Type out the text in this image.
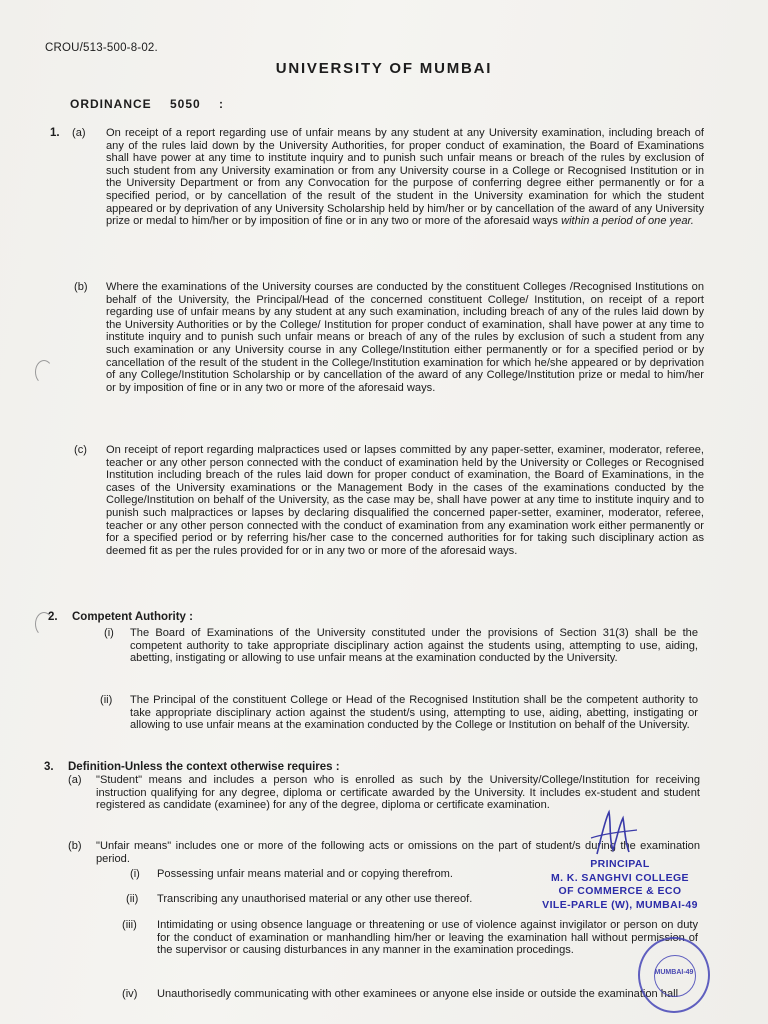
CROU/513-500-8-02.
UNIVERSITY OF MUMBAI
ORDINANCE 5050 :
1. (a) On receipt of a report regarding use of unfair means by any student at any University examination, including breach of any of the rules laid down by the University Authorities, for proper conduct of examination, the Board of Examinations shall have power at any time to institute inquiry and to punish such unfair means or breach of the rules by exclusion of such student from any University examination or from any University course in a College or Recognised Institution or in the University Department or from any Convocation for the purpose of conferring degree either permanently or for a specified period, or by cancellation of the result of the student in the University examination for which the student appeared or by deprivation of any University Scholarship held by him/her or by cancellation of the award of any University prize or medal to him/her or by imposition of fine or in any two or more of the aforesaid ways within a period of one year.
(b) Where the examinations of the University courses are conducted by the constituent Colleges /Recognised Institutions on behalf of the University, the Principal/Head of the concerned constituent College/ Institution, on receipt of a report regarding use of unfair means by any student at any such examination, including breach of any of the rules laid down by the University Authorities or by the College/ Institution for proper conduct of examination, shall have power at any time to institute inquiry and to punish such unfair means or breach of any of the rules by exclusion of such a student from any such examination or any University course in any College/Institution either permanently or for a specified period or by cancellation of the result of the student in the College/Institution examination for which he/she appeared or by deprivation of any College/Institution Scholarship or by cancellation of the award of any College/Institution prize or medal to him/her or by imposition of fine or in any two or more of the aforesaid ways.
(c) On receipt of report regarding malpractices used or lapses committed by any paper-setter, examiner, moderator, referee, teacher or any other person connected with the conduct of examination held by the University or Colleges or Recognised Institution including breach of the rules laid down for proper conduct of examination, the Board of Examinations, in the cases of the University examinations or the Management Body in the cases of the examinations conducted by the College/Institution on behalf of the University, as the case may be, shall have power at any time to institute inquiry and to punish such malpractices or lapses by declaring disqualified the concerned paper-setter, examiner, moderator, referee, teacher or any other person connected with the conduct of examination from any examination work either permanently or for a specified period or by referring his/her case to the concerned authorities for for taking such disciplinary action as deemed fit as per the rules provided for or in any two or more of the aforesaid ways.
2. Competent Authority :
(i) The Board of Examinations of the University constituted under the provisions of Section 31(3) shall be the competent authority to take appropriate disciplinary action against the students using, attempting to use, aiding, abetting, instigating or allowing to use unfair means at the examination conducted by the University.
(ii) The Principal of the constituent College or Head of the Recognised Institution shall be the competent authority to take appropriate disciplinary action against the student/s using, attempting to use, aiding, abetting, instigating or allowing to use unfair means at the examination conducted by the College or Institution on behalf of the University.
3. Definition-Unless the context otherwise requires :
(a) "Student" means and includes a person who is enrolled as such by the University/College/Institution for receiving instruction qualifying for any degree, diploma or certificate awarded by the University. It includes ex-student and student registered as candidate (examinee) for any of the degree, diploma or certificate examination.
(b) "Unfair means" includes one or more of the following acts or omissions on the part of student/s during the examination period.
(i) Possessing unfair means material and or copying therefrom.
(ii) Transcribing any unauthorised material or any other use thereof.
(iii) Intimidating or using obsence language or threatening or use of violence against invigilator or person on duty for the conduct of examination or manhandling him/her or leaving the examination hall without permission of the supervisor or causing disturbances in any manner in the examination procedings.
(iv) Unauthorisedly communicating with other examinees or anyone else inside or outside the examination hall
PRINCIPAL
M. K. SANGHVI COLLEGE
OF COMMERCE & ECO
VILE-PARLE (W), MUMBAI-49
MUMBAI-49
